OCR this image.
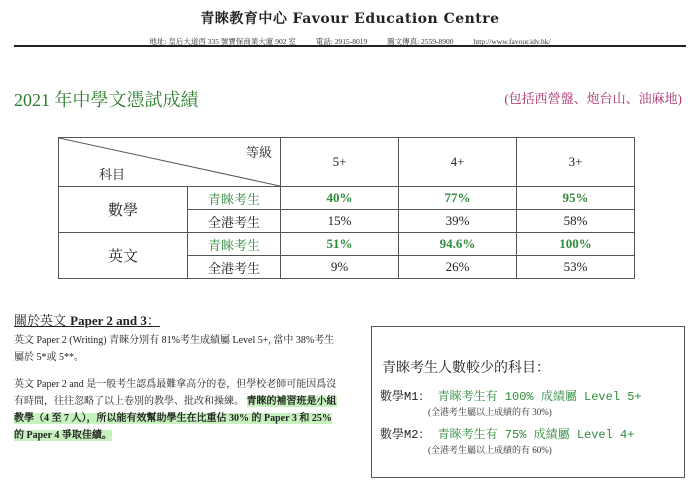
青睞教育中心 Favour Education Centre
地址: 皇后大道西 335 號寶保商業大廈 902 室	電話: 2915-8019	圖文傳真: 2559-8900	http://www.favour.idv.hk/
2021 年中學文憑試成績	(包括西營盤、炮台山、油麻地)
等級
科目		5+	4+	3+
數學	青睞考生	40%	77%	95%
	全港考生	15%	39%	58%
英文	青睞考生	51%	94.6%	100%
	全港考生	9%	26%	53%
關於英文 Paper 2 and 3：
英文 Paper 2 (Writing) 青睞分別有 81%考生成績屬 Level 5+, 當中 38%考生屬於 5*或 5**。
英文 Paper 2 and 是一般考生認爲最難拿高分的卷，但學校老師可能因爲沒有時間，往往忽略了以上卷別的教學、批改和操練。 青睞的補習班是小組教學（4 至 7 人），所以能有效幫助學生在比重佔 30% 的 Paper 3 和 25% 的 Paper 4 爭取佳績。
青睞考生人數較少的科目：
數學M1： 青睞考生有 100% 成績屬 Level 5+
(全港考生屬以上成績的有 30%)
數學M2： 青睞考生有 75% 成績屬 Level 4+
(全港考生屬以上成績的有 60%)
